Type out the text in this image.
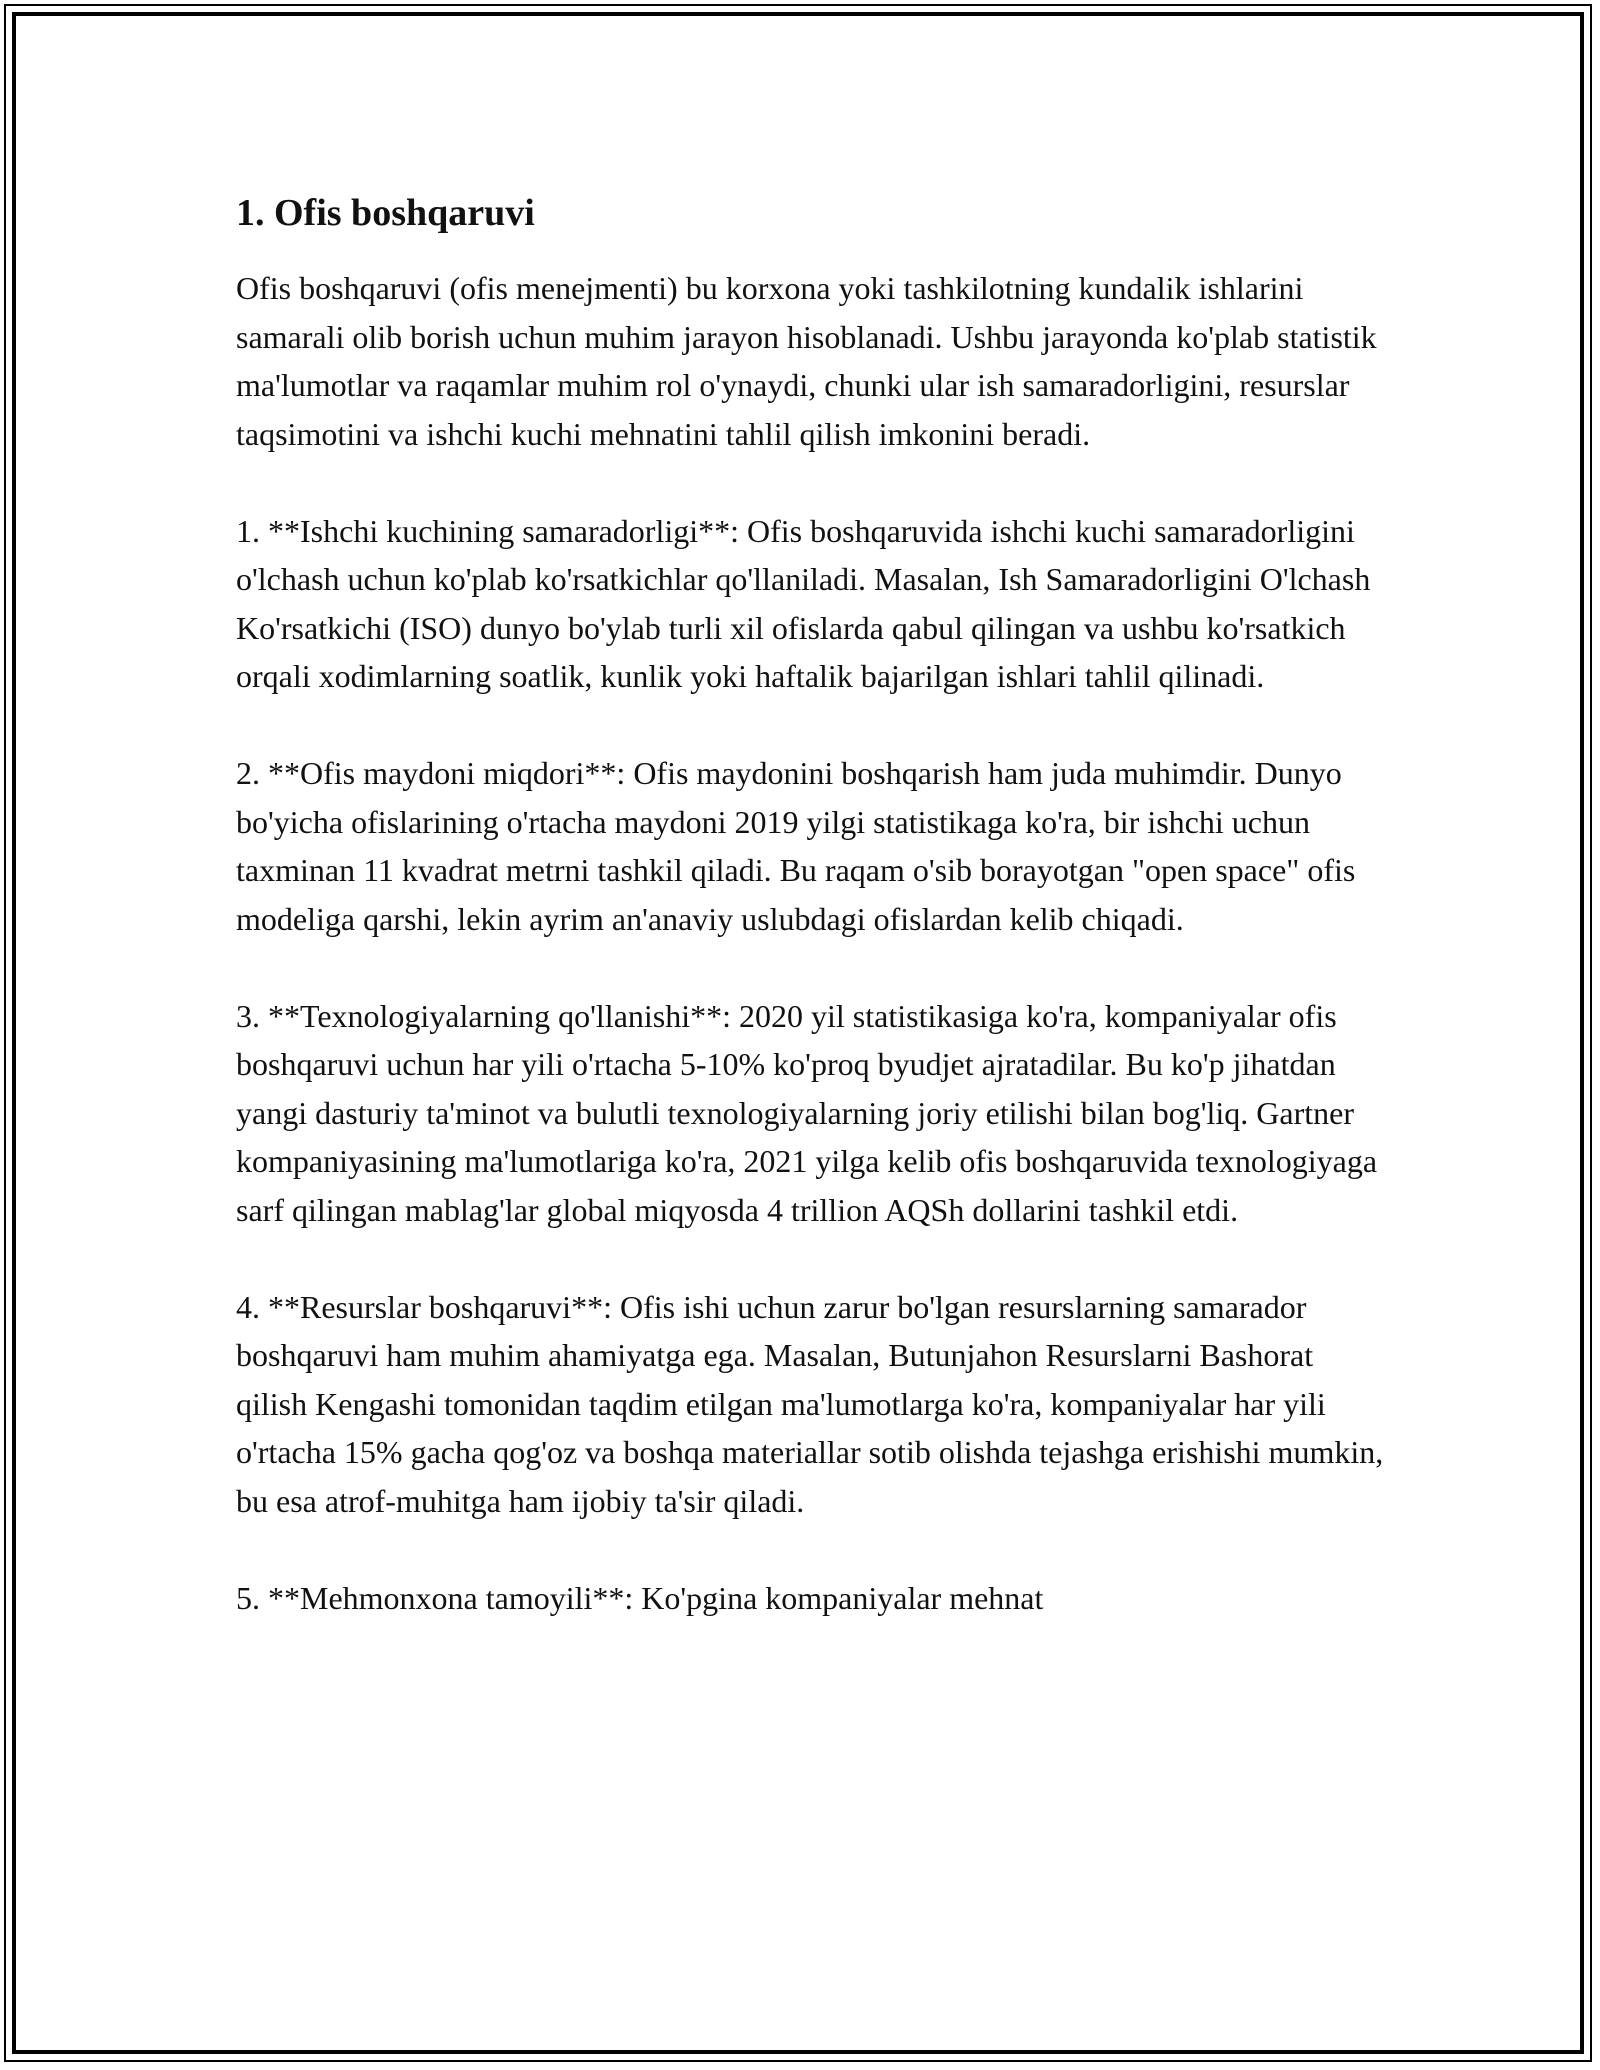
1. Ofis boshqaruvi

Ofis boshqaruvi (ofis menejmenti) bu korxona yoki tashkilotning kundalik ishlarini samarali olib borish uchun muhim jarayon hisoblanadi. Ushbu jarayonda ko'plab statistik ma'lumotlar va raqamlar muhim rol o'ynaydi, chunki ular ish samaradorligini, resurslar taqsimotini va ishchi kuchi mehnatini tahlil qilish imkonini beradi.

1. **Ishchi kuchining samaradorligi**: Ofis boshqaruvida ishchi kuchi samaradorligini o'lchash uchun ko'plab ko'rsatkichlar qo'llaniladi. Masalan, Ish Samaradorligini O'lchash Ko'rsatkichi (ISO) dunyo bo'ylab turli xil ofislarda qabul qilingan va ushbu ko'rsatkich orqali xodimlarning soatlik, kunlik yoki haftalik bajarilgan ishlari tahlil qilinadi.

2. **Ofis maydoni miqdori**: Ofis maydonini boshqarish ham juda muhimdir. Dunyo bo'yicha ofislarining o'rtacha maydoni 2019 yilgi statistikaga ko'ra, bir ishchi uchun taxminan 11 kvadrat metrni tashkil qiladi. Bu raqam o'sib borayotgan "open space" ofis modeliga qarshi, lekin ayrim an'anaviy uslubdagi ofislardan kelib chiqadi.

3. **Texnologiyalarning qo'llanishi**: 2020 yil statistikasiga ko'ra, kompaniyalar ofis boshqaruvi uchun har yili o'rtacha 5-10% ko'proq byudjet ajratadilar. Bu ko'p jihatdan yangi dasturiy ta'minot va bulutli texnologiyalarning joriy etilishi bilan bog'liq. Gartner kompaniyasining ma'lumotlariga ko'ra, 2021 yilga kelib ofis boshqaruvida texnologiyaga sarf qilingan mablag'lar global miqyosda 4 trillion AQSh dollarini tashkil etdi.

4. **Resurslar boshqaruvi**: Ofis ishi uchun zarur bo'lgan resurslarning samarador boshqaruvi ham muhim ahamiyatga ega. Masalan, Butunjahon Resurslarni Bashorat qilish Kengashi tomonidan taqdim etilgan ma'lumotlarga ko'ra, kompaniyalar har yili o'rtacha 15% gacha qog'oz va boshqa materiallar sotib olishda tejashga erishishi mumkin, bu esa atrof-muhitga ham ijobiy ta'sir qiladi.

5. **Mehmonxona tamoyili**: Ko'pgina kompaniyalar mehnat
